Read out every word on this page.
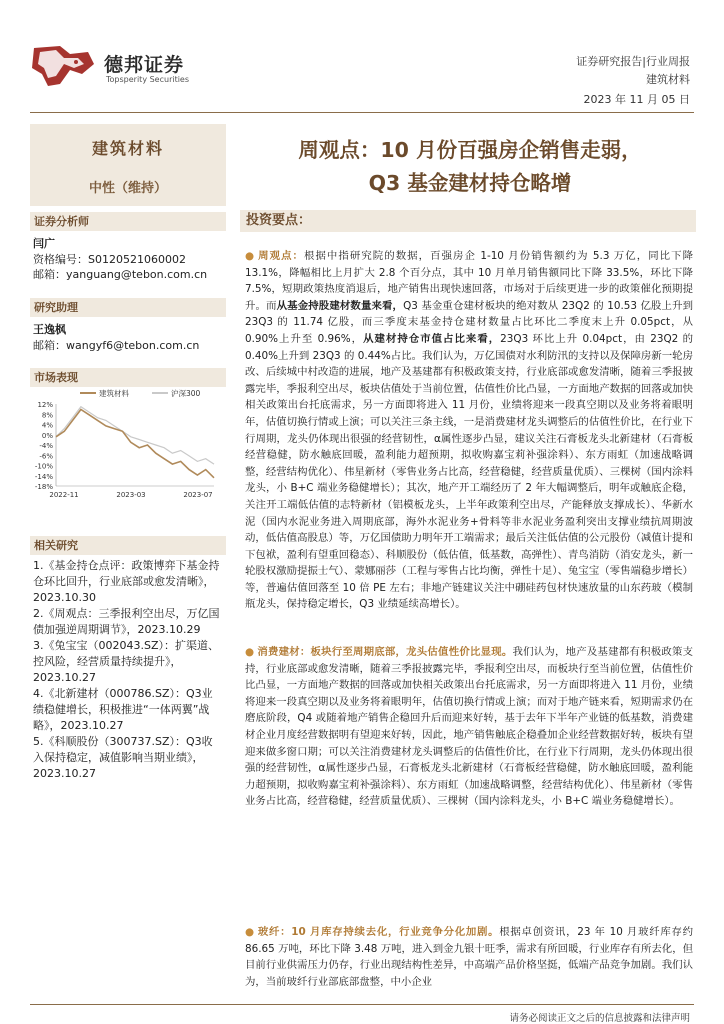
德邦证券
Topsperity Securities
证券研究报告|行业周报
建筑材料
2023 年 11 月 05 日
建筑材料
中性（维持）
证券分析师
闫广
资格编号：S0120521060002
邮箱：yanguang@tebon.com.cn
研究助理
王逸枫
邮箱：wangyf6@tebon.com.cn
市场表现
建筑材料	沪深300
12%
8%
4%
0%
-4%
-6%
-10%
-14%
-18%
2022-11	2023-03	2023-07
相关研究
1.《基金持仓点评：政策博弈下基金持仓环比回升，行业底部或愈发清晰》，2023.10.30
2.《周观点：三季报利空出尽，万亿国债加强逆周期调节》，2023.10.29
3.《兔宝宝（002043.SZ）：扩渠道、控风险，经营质量持续提升》，2023.10.27
4.《北新建材（000786.SZ）：Q3业绩稳健增长，积极推进“一体两翼”战略》，2023.10.27
5.《科顺股份（300737.SZ）：Q3收入保持稳定，减值影响当期业绩》，2023.10.27
周观点：10 月份百强房企销售走弱，
Q3 基金建材持仓略增
投资要点：
● 周观点：根据中指研究院的数据，百强房企 1-10 月份销售额约为 5.3 万亿，同比下降 13.1%，降幅相比上月扩大 2.8 个百分点，其中 10 月单月销售额同比下降 33.5%，环比下降 7.5%，短期政策热度消退后，地产销售出现快速回落，市场对于后续更进一步的政策催化预期提升。而从基金持股建材数量来看，Q3 基金重仓建材板块的绝对数从 23Q2 的 10.53 亿股上升到 23Q3 的 11.74 亿股，而三季度末基金持仓建材数量占比环比二季度末上升 0.05pct，从 0.90%上升至 0.96%，从建材持仓市值占比来看，23Q3 环比上升 0.04pct，由 23Q2 的 0.40%上升到 23Q3 的 0.44%占比。我们认为，万亿国债对水利防汛的支持以及保障房新一轮房改、后续城中村改造的进展，地产及基建都有积极政策支持，行业底部或愈发清晰，随着三季报披露完毕，季报利空出尽，板块估值处于当前位置，估值性价比凸显，一方面地产数据的回落或加快相关政策出台托底需求，另一方面即将进入 11 月份，业绩将迎来一段真空期以及业务将着眼明年，估值切换行情或上演；可以关注三条主线，一是消费建材龙头调整后的估值性价比，在行业下行周期，龙头仍体现出很强的经营韧性，α属性逐步凸显，建议关注石膏板龙头北新建材（石膏板经营稳健，防水触底回暖，盈利能力超预期，拟收购嘉宝莉补强涂料）、东方雨虹（加速战略调整，经营结构优化）、伟星新材（零售业务占比高，经营稳健，经营质量优质）、三棵树（国内涂料龙头，小 B+C 端业务稳健增长）；其次，地产开工端经历了 2 年大幅调整后，明年或触底企稳，关注开工端低估值的志特新材（铝模板龙头，上半年政策利空出尽，产能释放支撑成长）、华新水泥（国内水泥业务进入周期底部，海外水泥业务+骨料等非水泥业务盈利突出支撑业绩抗周期波动，低估值高股息）等，万亿国债助力明年开工端需求；最后关注低估值的公元股份（减值计提和下包袱，盈利有望重回稳态）、科顺股份（低估值，低基数，高弹性）、青鸟消防（消安龙头，新一轮股权激励提振士气）、蒙娜丽莎（工程与零售占比均衡，弹性十足）、兔宝宝（零售端稳步增长）等，普遍估值回落至 10 倍 PE 左右；非地产链建议关注中硼硅药包材快速放量的山东药玻（模制瓶龙头，保持稳定增长，Q3 业绩延续高增长）。
● 消费建材：板块行至周期底部，龙头估值性价比显现。我们认为，地产及基建都有积极政策支持，行业底部或愈发清晰，随着三季报披露完毕，季报利空出尽，而板块行至当前位置，估值性价比凸显，一方面地产数据的回落或加快相关政策出台托底需求，另一方面即将进入 11 月份，业绩将迎来一段真空期以及业务将着眼明年，估值切换行情或上演；而对于地产链来看，短期需求仍在磨底阶段，Q4 或随着地产销售企稳回升后而迎来好转，基于去年下半年产业链的低基数，消费建材企业月度经营数据明有望迎来好转，因此，地产销售触底企稳叠加企业经营数据好转，板块有望迎来做多窗口期；可以关注消费建材龙头调整后的估值性价比，在行业下行周期，龙头仍体现出很强的经营韧性，α属性逐步凸显，石膏板龙头北新建材（石膏板经营稳健，防水触底回暖，盈利能力超预期，拟收购嘉宝莉补强涂料）、东方雨虹（加速战略调整，经营结构优化）、伟星新材（零售业务占比高，经营稳健，经营质量优质）、三棵树（国内涂料龙头，小 B+C 端业务稳健增长）。
● 玻纤：10 月库存持续去化，行业竞争分化加剧。根据卓创资讯，23 年 10 月玻纤库存约 86.65 万吨，环比下降 3.48 万吨，进入到金九银十旺季，需求有所回暖，行业库存有所去化，但目前行业供需压力仍存，行业出现结构性差异，中高端产品价格坚挺，低端产品竞争加剧。我们认为，当前玻纤行业部底部盘整，中小企业
请务必阅读正文之后的信息披露和法律声明
